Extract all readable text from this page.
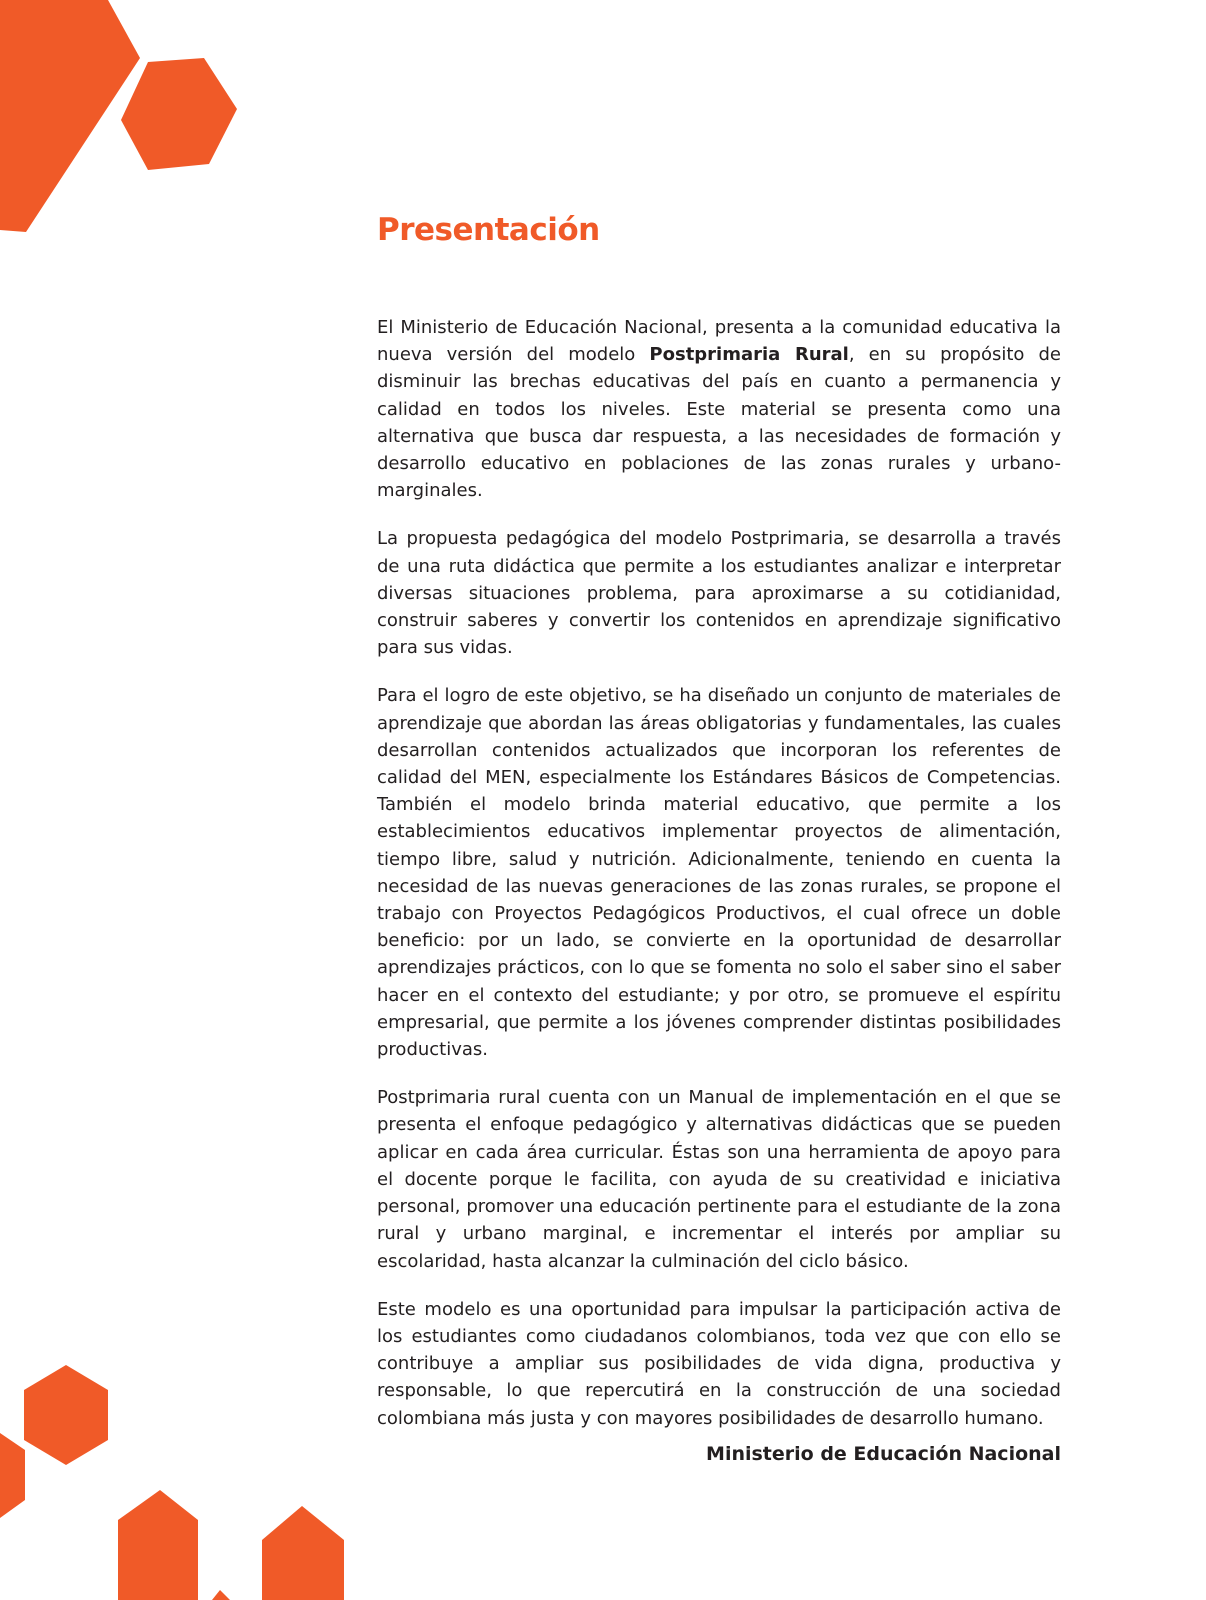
Presentación

El Ministerio de Educación Nacional, presenta a la comunidad educativa la nueva versión del modelo Postprimaria Rural, en su propósito de disminuir las brechas educativas del país en cuanto a permanencia y calidad en todos los niveles. Este material se presenta como una alternativa que busca dar respuesta, a las necesidades de formación y desarrollo educativo en poblaciones de las zonas rurales y urbano-marginales.

La propuesta pedagógica del modelo Postprimaria, se desarrolla a través de una ruta didáctica que permite a los estudiantes analizar e interpretar diversas situaciones problema, para aproximarse a su cotidianidad, construir saberes y convertir los contenidos en aprendizaje significativo para sus vidas.

Para el logro de este objetivo, se ha diseñado un conjunto de materiales de aprendizaje que abordan las áreas obligatorias y fundamentales, las cuales desarrollan contenidos actualizados que incorporan los referentes de calidad del MEN, especialmente los Estándares Básicos de Competencias. También el modelo brinda material educativo, que permite a los establecimientos educativos implementar proyectos de alimentación, tiempo libre, salud y nutrición. Adicionalmente, teniendo en cuenta la necesidad de las nuevas generaciones de las zonas rurales, se propone el trabajo con Proyectos Pedagógicos Productivos, el cual ofrece un doble beneficio: por un lado, se convierte en la oportunidad de desarrollar aprendizajes prácticos, con lo que se fomenta no solo el saber sino el saber hacer en el contexto del estudiante; y por otro, se promueve el espíritu empresarial, que permite a los jóvenes comprender distintas posibilidades productivas.

Postprimaria rural cuenta con un Manual de implementación en el que se presenta el enfoque pedagógico y alternativas didácticas que se pueden aplicar en cada área curricular. Éstas son una herramienta de apoyo para el docente porque le facilita, con ayuda de su creatividad e iniciativa personal, promover una educación pertinente para el estudiante de la zona rural y urbano marginal, e incrementar el interés por ampliar su escolaridad, hasta alcanzar la culminación del ciclo básico.

Este modelo es una oportunidad para impulsar la participación activa de los estudiantes como ciudadanos colombianos, toda vez que con ello se contribuye a ampliar sus posibilidades de vida digna, productiva y responsable, lo que repercutirá en la construcción de una sociedad colombiana más justa y con mayores posibilidades de desarrollo humano.

Ministerio de Educación Nacional
